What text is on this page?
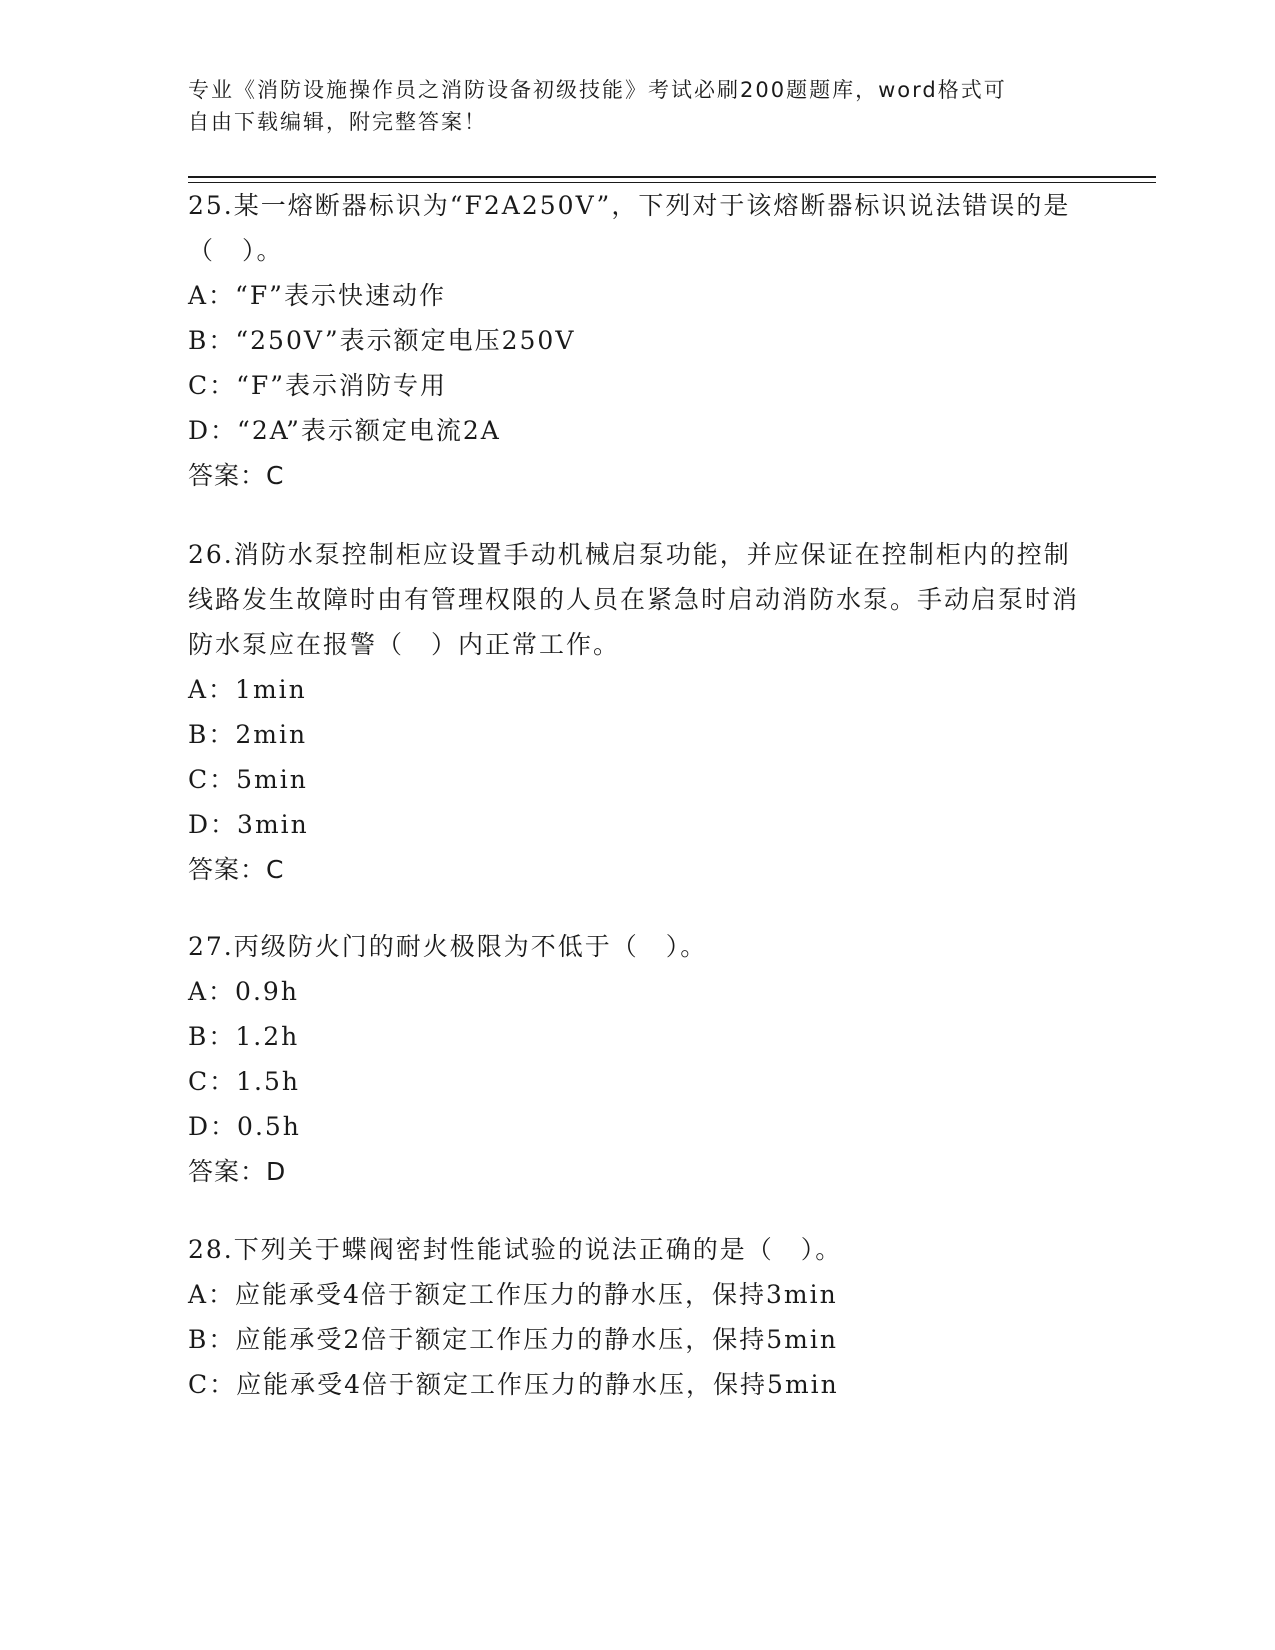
专业《消防设施操作员之消防设备初级技能》考试必刷200题题库，word格式可
自由下载编辑，附完整答案！

25.某一熔断器标识为“F2A250V”，下列对于该熔断器标识说法错误的是（　）。

A：“F”表示快速动作

B：“250V”表示额定电压250V

C：“F”表示消防专用

D：“2A”表示额定电流2A

答案：C

26.消防水泵控制柜应设置手动机械启泵功能，并应保证在控制柜内的控制线路发生故障时由有管理权限的人员在紧急时启动消防水泵。手动启泵时消防水泵应在报警（　）内正常工作。

A：1min

B：2min

C：5min

D：3min

答案：C

27.丙级防火门的耐火极限为不低于（　）。

A：0.9h

B：1.2h

C：1.5h

D：0.5h

答案：D

28.下列关于蝶阀密封性能试验的说法正确的是（　）。

A：应能承受4倍于额定工作压力的静水压，保持3min

B：应能承受2倍于额定工作压力的静水压，保持5min

C：应能承受4倍于额定工作压力的静水压，保持5min
